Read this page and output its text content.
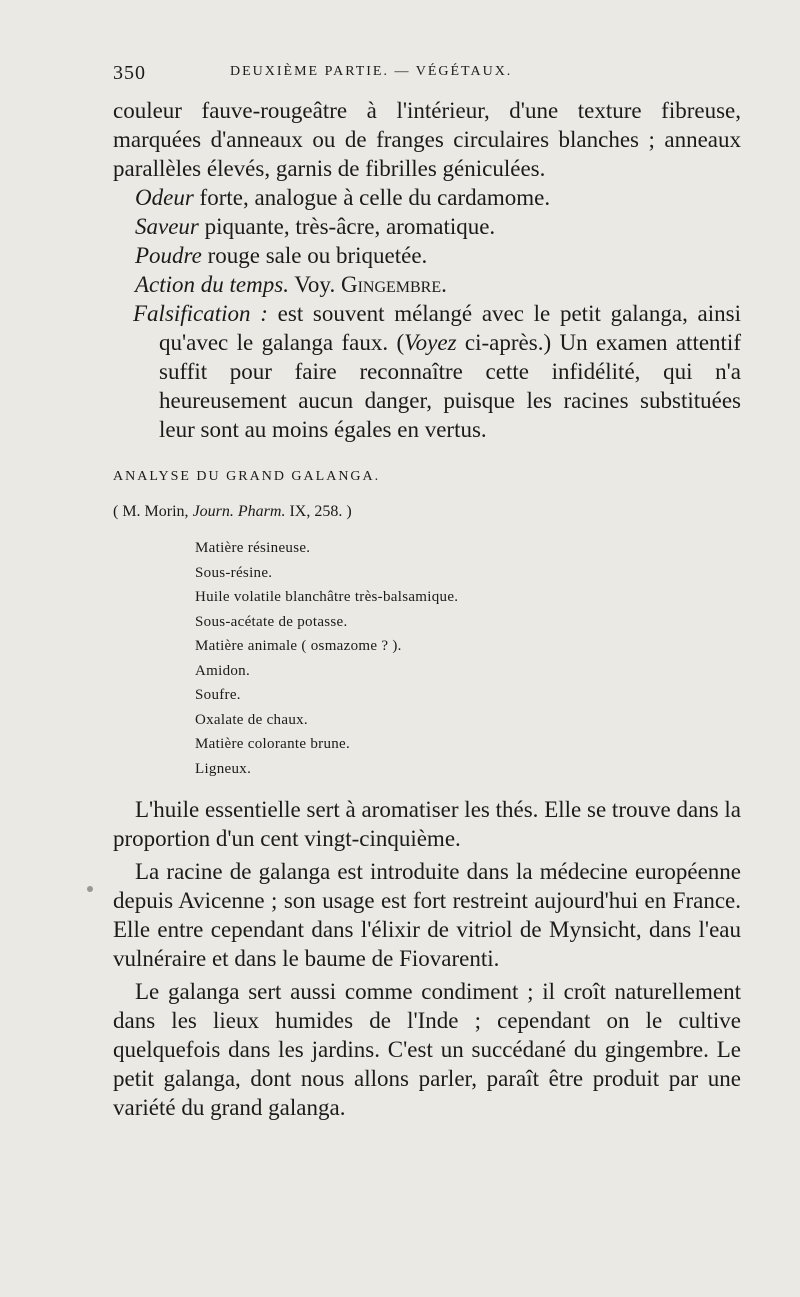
350	DEUXIÈME PARTIE. — VÉGÉTAUX.

couleur fauve-rougeâtre à l'intérieur, d'une texture fibreuse, marquées d'anneaux ou de franges circulaires blanches ; anneaux parallèles élevés, garnis de fibrilles géniculées.

Odeur forte, analogue à celle du cardamome.

Saveur piquante, très-âcre, aromatique.

Poudre rouge sale ou briquetée.

Action du temps. Voy. Gingembre.

Falsification : est souvent mélangé avec le petit galanga, ainsi qu'avec le galanga faux. (Voyez ci-après.) Un examen attentif suffit pour faire reconnaître cette infidélité, qui n'a heureusement aucun danger, puisque les racines substituées leur sont au moins égales en vertus.

ANALYSE DU GRAND GALANGA.

( M. Morin, Journ. Pharm. IX, 258. )

Matière résineuse.
Sous-résine.
Huile volatile blanchâtre très-balsamique.
Sous-acétate de potasse.
Matière animale ( osmazome ? ).
Amidon.
Soufre.
Oxalate de chaux.
Matière colorante brune.
Ligneux.

L'huile essentielle sert à aromatiser les thés. Elle se trouve dans la proportion d'un cent vingt-cinquième.

La racine de galanga est introduite dans la médecine européenne depuis Avicenne ; son usage est fort restreint aujourd'hui en France. Elle entre cependant dans l'élixir de vitriol de Mynsicht, dans l'eau vulnéraire et dans le baume de Fiovarenti.

Le galanga sert aussi comme condiment ; il croît naturellement dans les lieux humides de l'Inde ; cependant on le cultive quelquefois dans les jardins. C'est un succédané du gingembre. Le petit galanga, dont nous allons parler, paraît être produit par une variété du grand galanga.
